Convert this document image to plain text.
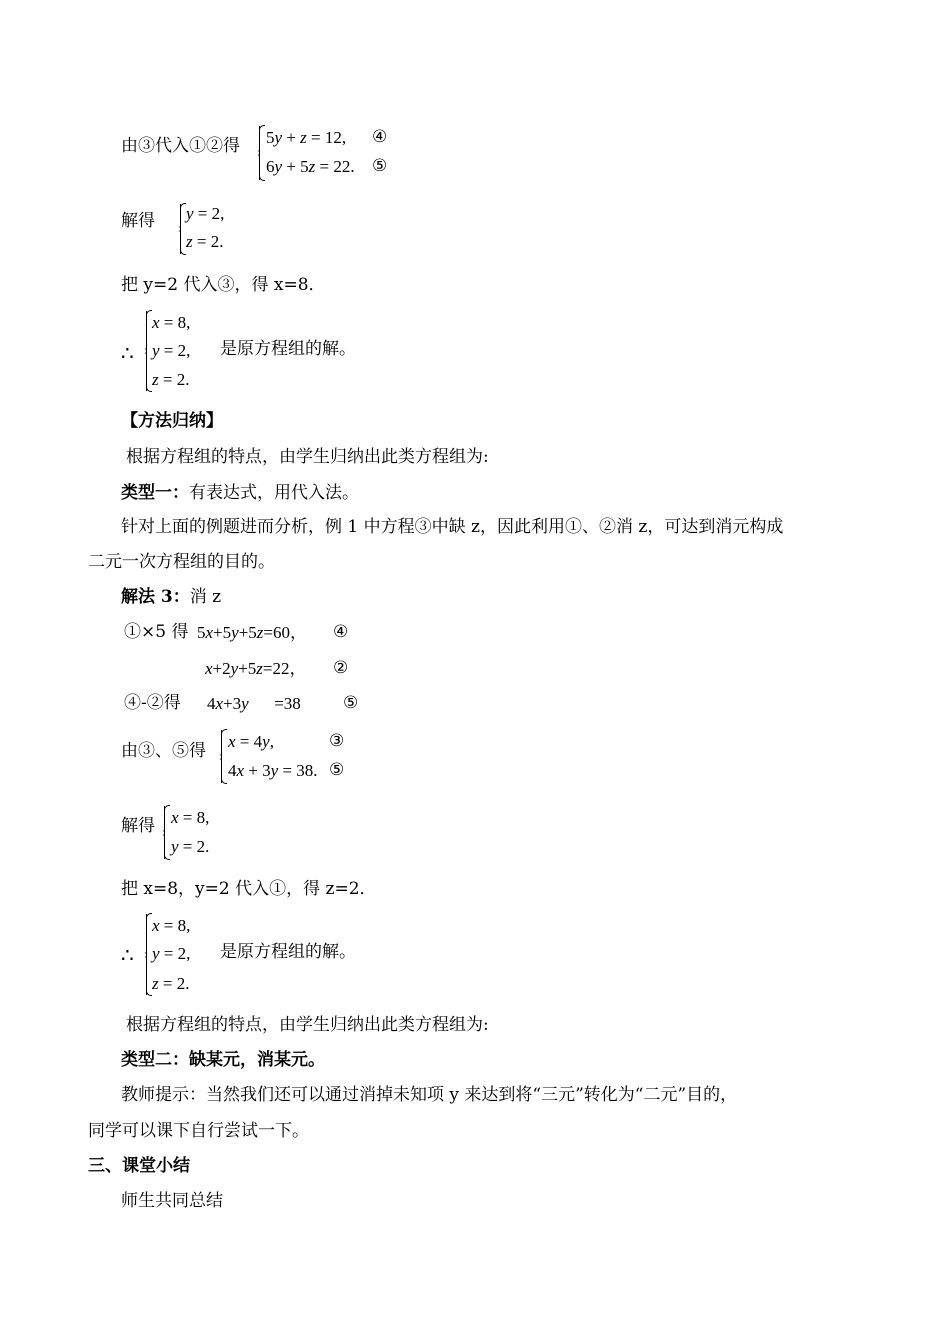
由③代入①②得 5y + z = 12, ④
6y + 5z = 22. ⑤
解得 y = 2,
z = 2.
把 y=2 代入③，得 x=8．
∴
x = 8,
y = 2,
z = 2.
是原方程组的解。
【方法归纳】
根据方程组的特点，由学生归纳出此类方程组为:
类型一：有表达式，用代入法。
针对上面的例题进而分析，例 1 中方程③中缺 z，因此利用①、②消 z，可达到消元构成
二元一次方程组的目的。
解法 3：消 z
①×5 得 5x+5y+5z=60， ④
x+2y+5z=22， ②
④-②得 4x+3y      =38 ⑤
由③、⑤得 x = 4y,	③
4x + 3y = 38. ⑤
解得 x = 8,
y = 2.
把 x=8，y=2 代入①，得 z=2．
∴
x = 8,
y = 2,
z = 2.
是原方程组的解。
根据方程组的特点，由学生归纳出此类方程组为:
类型二：缺某元，消某元。
教师提示：当然我们还可以通过消掉未知项 y 来达到将“三元”转化为“二元”目的，
同学可以课下自行尝试一下。
三、课堂小结
师生共同总结
